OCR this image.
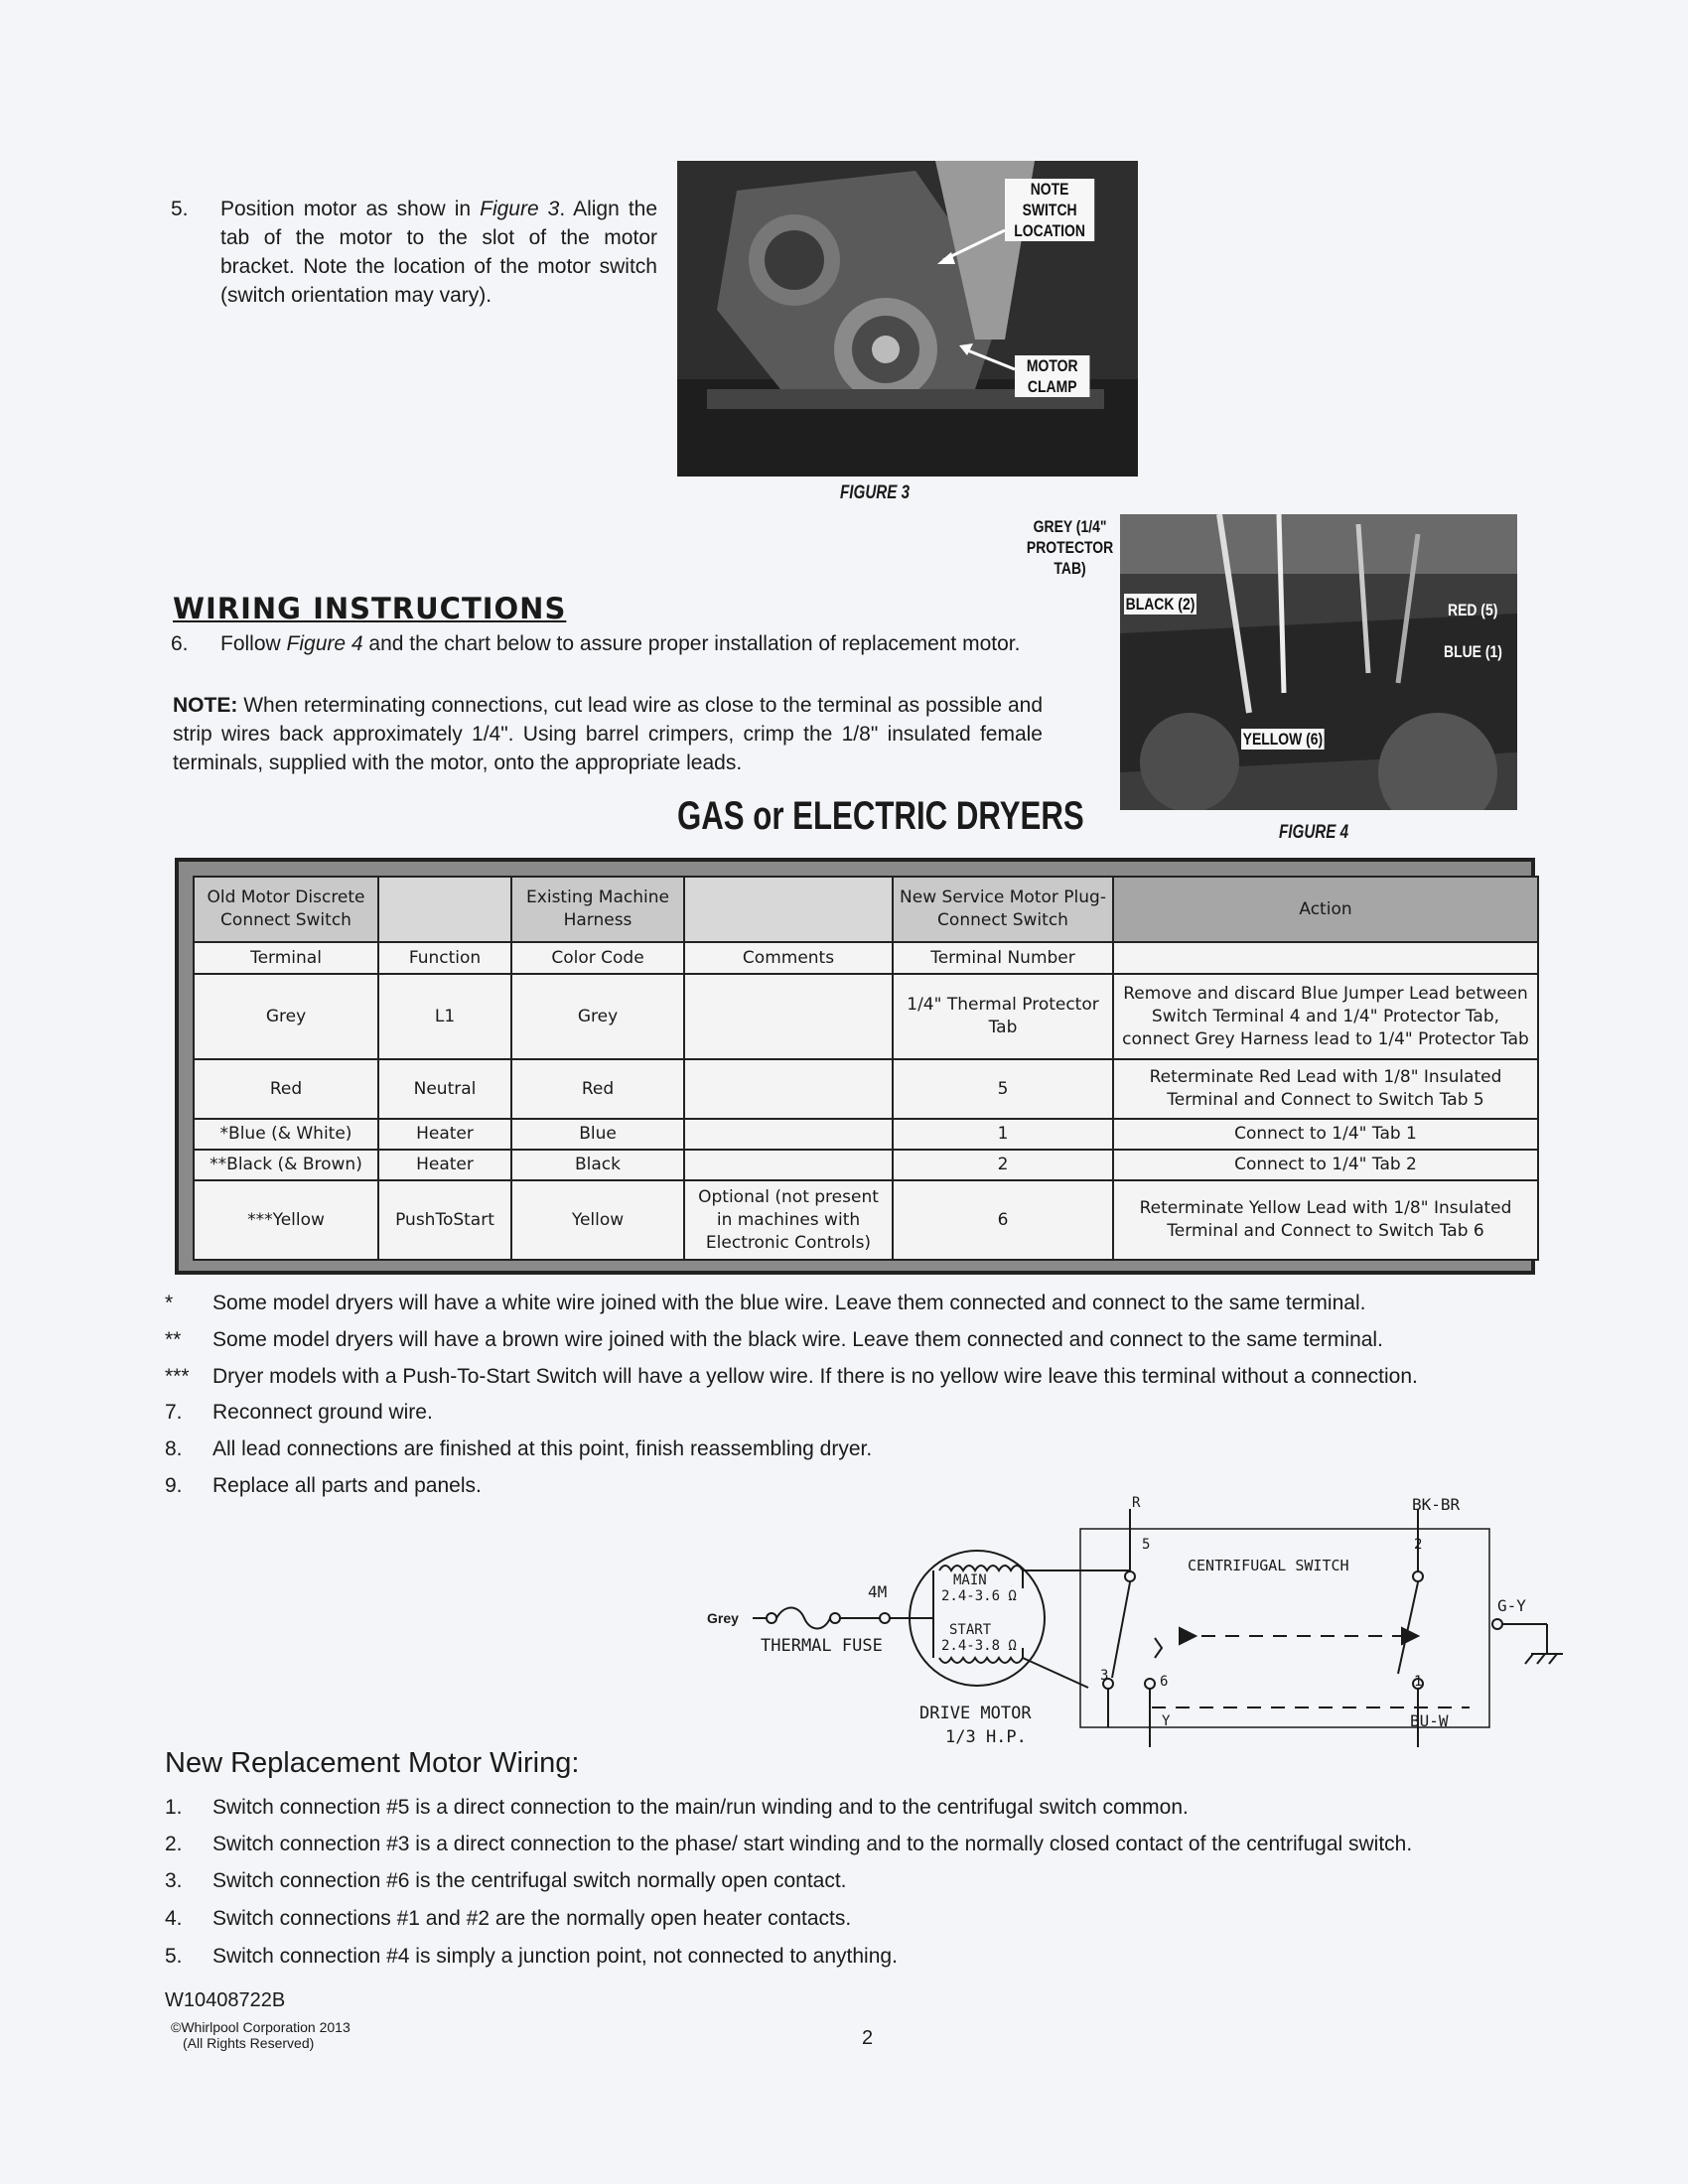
5. Position motor as show in Figure 3. Align the tab of the motor to the slot of the motor bracket. Note the location of the motor switch (switch orientation may vary).
NOTE SWITCH LOCATION
MOTOR CLAMP
FIGURE 3
BLACK (2)	RED (5)
BLUE (1)
YELLOW (6)
GREY (1/4" PROTECTOR TAB)
FIGURE 4
WIRING INSTRUCTIONS
6. Follow Figure 4 and the chart below to assure proper installation of replacement motor.
NOTE: When reterminating connections, cut lead wire as close to the terminal as possible and strip wires back approximately 1/4". Using barrel crimpers, crimp the 1/8" insulated female terminals, supplied with the motor, onto the appropriate leads.
GAS or ELECTRIC DRYERS
Old Motor Discrete Connect Switch		Existing Machine Harness		New Service Motor Plug-Connect Switch	Action
Terminal	Function	Color Code	Comments	Terminal Number	
Grey	L1	Grey		1/4" Thermal Protector Tab	Remove and discard Blue Jumper Lead between Switch Terminal 4 and 1/4" Protector Tab, connect Grey Harness lead to 1/4" Protector Tab
Red	Neutral	Red		5	Reterminate Red Lead with 1/8" Insulated Terminal and Connect to Switch Tab 5
*Blue (& White)	Heater	Blue		1	Connect to 1/4" Tab 1
**Black (& Brown)	Heater	Black		2	Connect to 1/4" Tab 2
***Yellow	PushToStart	Yellow	Optional (not present in machines with Electronic Controls)	6	Reterminate Yellow Lead with 1/8" Insulated Terminal and Connect to Switch Tab 6
* Some model dryers will have a white wire joined with the blue wire. Leave them connected and connect to the same terminal.
** Some model dryers will have a brown wire joined with the black wire. Leave them connected and connect to the same terminal.
*** Dryer models with a Push-To-Start Switch will have a yellow wire. If there is no yellow wire leave this terminal without a connection.
7. Reconnect ground wire.
8. All lead connections are finished at this point, finish reassembling dryer.
9. Replace all parts and panels.
Grey
THERMAL FUSE
4M
MAIN
2.4-3.6 Ω
START
2.4-3.8 Ω
DRIVE MOTOR
1/3 H.P.
R	BK-BR
5	2
CENTRIFUGAL SWITCH
G-Y
3	6	1
Y	BU-W
New Replacement Motor Wiring:
1. Switch connection #5 is a direct connection to the main/run winding and to the centrifugal switch common.
2. Switch connection #3 is a direct connection to the phase/ start winding and to the normally closed contact of the centrifugal switch.
3. Switch connection #6 is the centrifugal switch normally open contact.
4. Switch connections #1 and #2 are the normally open heater contacts.
5. Switch connection #4 is simply a junction point, not connected to anything.
W10408722B
©Whirlpool Corporation 2013
(All Rights Reserved)	2
